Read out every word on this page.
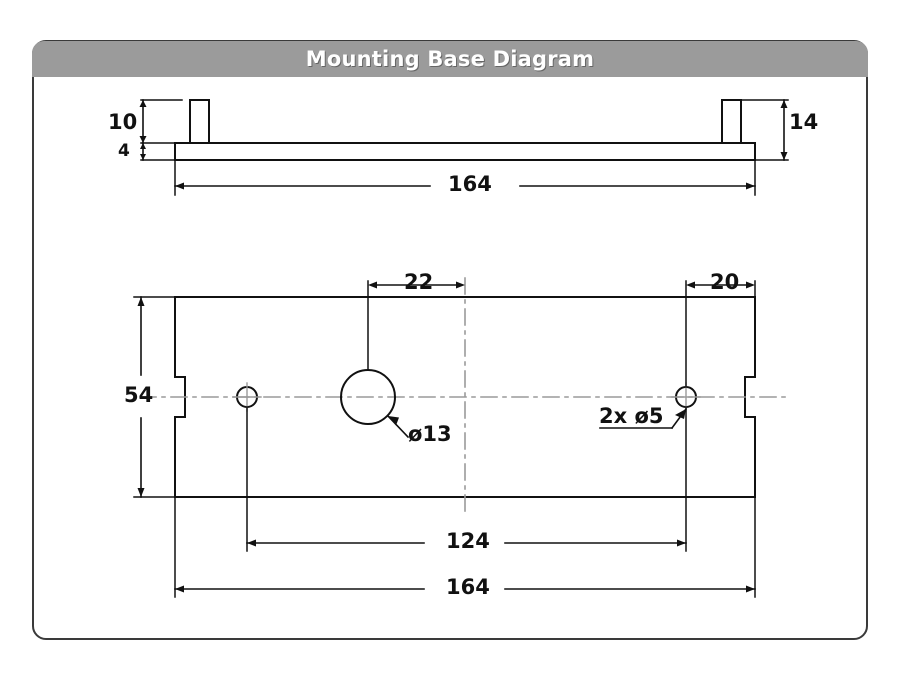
Mounting Base Diagram
10
4
14
164
22	20
54
ø13
2x ø5
124
164
